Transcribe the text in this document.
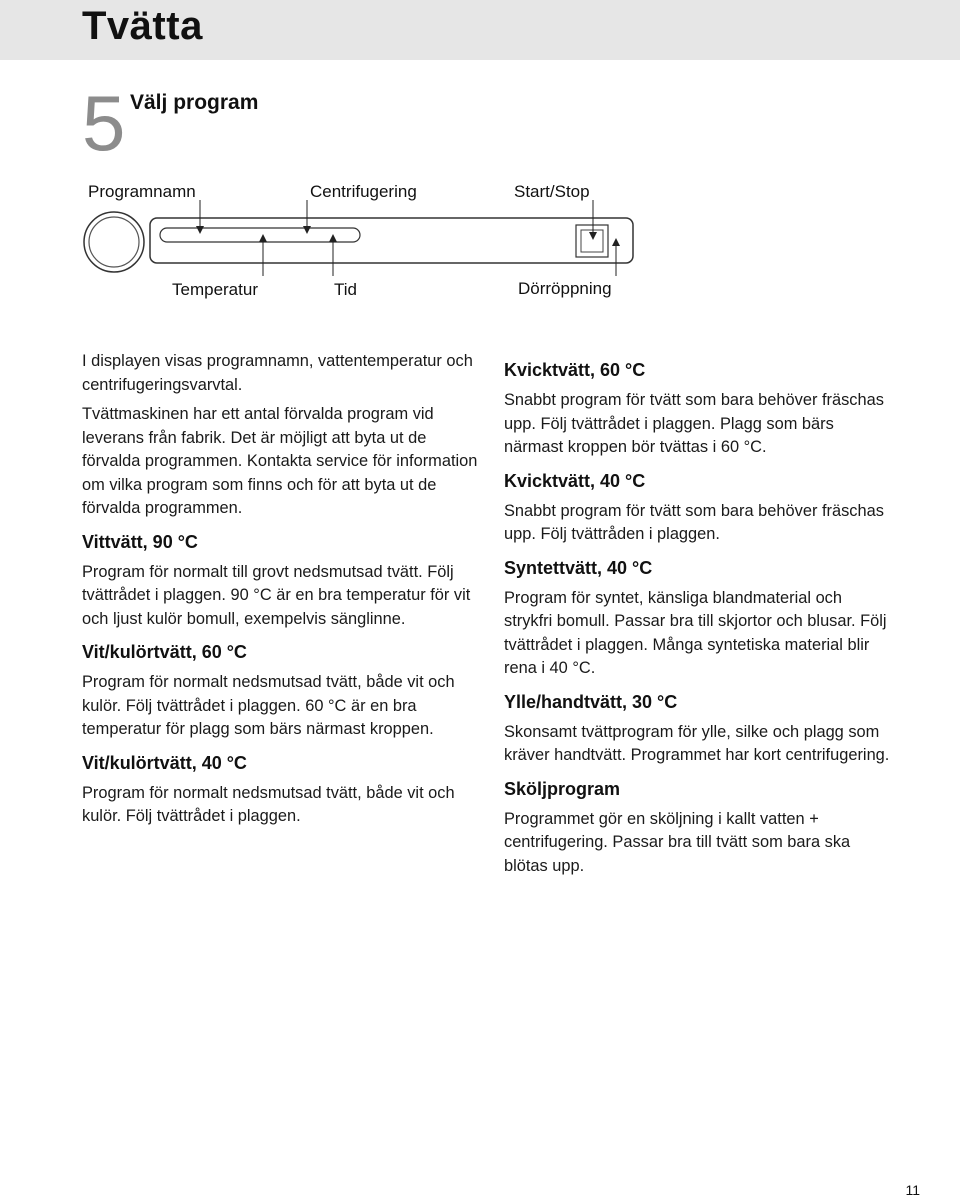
Tvätta
5 Välj program
Programnamn	Centrifugering	Start/Stop
Temperatur	Tid	Dörröppning

I displayen visas programnamn, vattentemperatur och centrifugeringsvarvtal.

Tvättmaskinen har ett antal förvalda program vid leverans från fabrik. Det är möjligt att byta ut de förvalda programmen. Kontakta service för information om vilka program som finns och för att byta ut de förvalda programmen.

Vittvätt, 90 °C

Program för normalt till grovt nedsmutsad tvätt. Följ tvättrådet i plaggen. 90 °C är en bra temperatur för vit och ljust kulör bomull, exempelvis sänglinne.

Vit/kulörtvätt, 60 °C

Program för normalt nedsmutsad tvätt, både vit och kulör. Följ tvättrådet i plaggen. 60 °C är en bra temperatur för plagg som bärs närmast kroppen.

Vit/kulörtvätt, 40 °C

Program för normalt nedsmutsad tvätt, både vit och kulör. Följ tvättrådet i plaggen.

Kvicktvätt, 60 °C

Snabbt program för tvätt som bara behöver fräschas upp. Följ tvättrådet i plaggen. Plagg som bärs närmast kroppen bör tvättas i 60 °C.

Kvicktvätt, 40 °C

Snabbt program för tvätt som bara behöver fräschas upp. Följ tvättråden i plaggen.

Syntettvätt, 40 °C

Program för syntet, känsliga blandmaterial och strykfri bomull. Passar bra till skjortor och blusar. Följ tvättrådet i plaggen. Många syntetiska material blir rena i 40 °C.

Ylle/handtvätt, 30 °C

Skonsamt tvättprogram för ylle, silke och plagg som kräver handtvätt. Programmet har kort centrifugering.

Sköljprogram

Programmet gör en sköljning i kallt vatten + centrifugering. Passar bra till tvätt som bara ska blötas upp.

11
